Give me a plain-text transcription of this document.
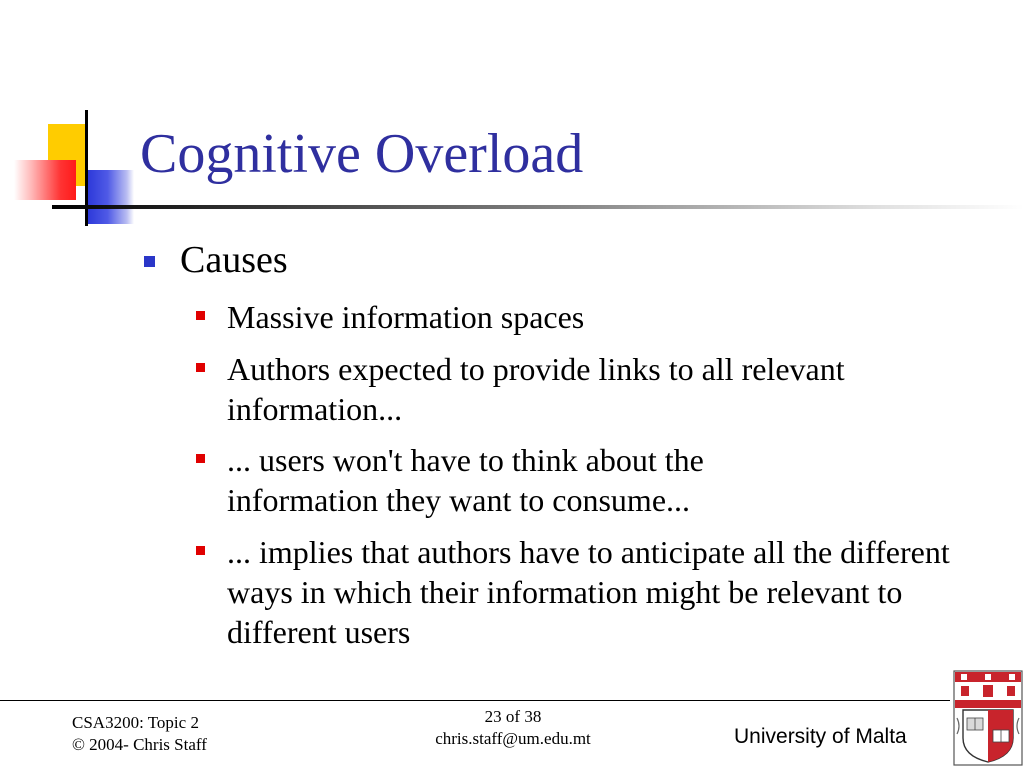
Cognitive Overload
Causes
Massive information spaces
Authors expected to provide links to all relevant information...
... users won't have to think about the information they want to consume...
... implies that authors have to anticipate all the different ways in which their information might be relevant to different users
CSA3200: Topic 2
© 2004- Chris Staff
23 of 38
chris.staff@um.edu.mt	University of Malta
